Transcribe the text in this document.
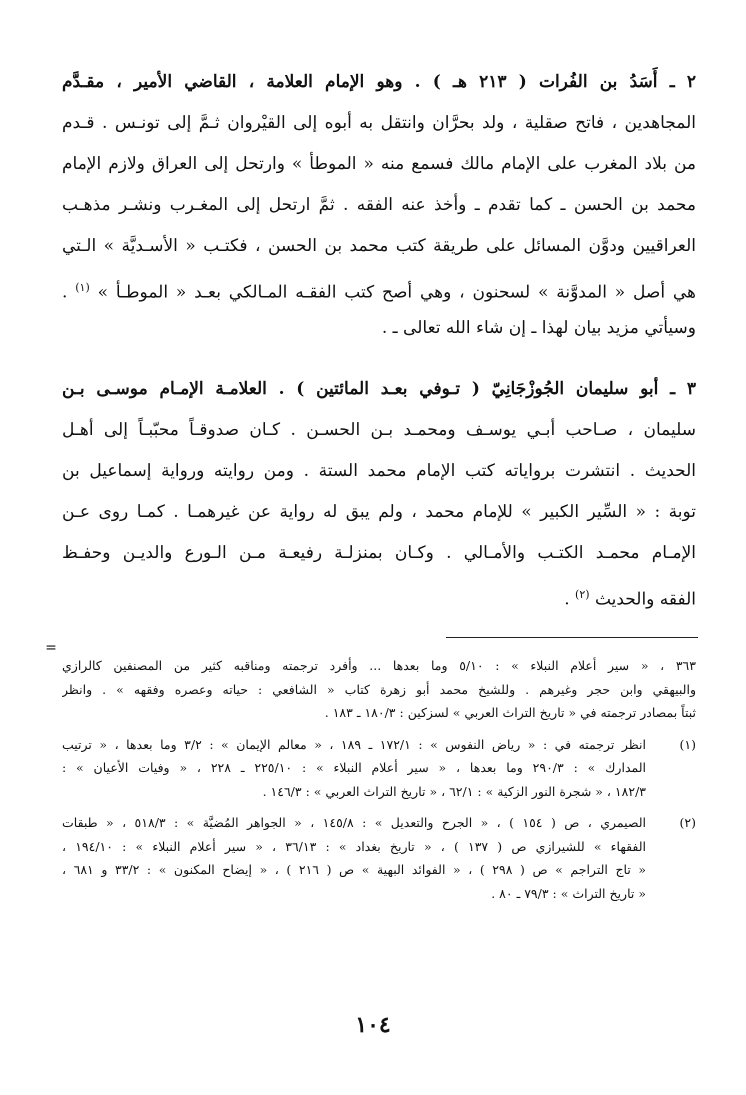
٢ً ـ أَسَدُ بن الفُرات ( ٢١٣ هـ ) . وهو الإمام العلامة ، القاضي الأمير ، مقـدَّم
المجاهدين ، فاتح صقلية ، ولد بحرَّان وانتقل به أبوه إلى القيْروان ثـمَّ إلى تونـس . قـدم
من بلاد المغرب على الإمام مالك فسمع منه « الموطأ » وارتحل إلى العراق ولازم الإمام
محمد بن الحسن ـ كما تقدم ـ وأخذ عنه الفقه . ثمَّ ارتحل إلى المغـرب ونشـر مذهـب
العراقيين ودوَّن المسائل على طريقة كتب محمد بن الحسن ، فكتـب « الأسـديَّة » الـتي
هي أصل « المدوَّنة » لسحنون ، وهي أصح كتب الفقـه المـالكي بعـد « الموطـأ » $^{(١)}$ .
وسيأتي مزيد بيان لهذا ـ إن شاء الله تعالى ـ .
٣ً ـ أبو سليمان الجُوزْجَانِيّ ( تـوفي بعـد المائتين ) . العلامـة الإمـام موسـى بـن
سليمان ، صـاحب أبـي يوسـف ومحمـد بـن الحسـن . كـان صدوقـاً محبّبـاً إلى أهـل
الحديث . انتشرت برواياته كتب الإمام محمد الستة . ومن روايته ورواية إسماعيل بن
توبة : « السِّير الكبير » للإمام محمد ، ولم يبق له رواية عن غيرهمـا . كمـا روى عـن
الإمـام محمـد الكتـب والأمـالي . وكـان بمنزلـة رفيعـة مـن الـورع والديـن وحفـظ
الفقه والحديث $^{(٢)}$ .
=
٣٦٣ ، « سير أعلام النبلاء » : ٥/١٠ وما بعدها ... وأفرد ترجمته ومناقبه كثير من المصنفين كالرازي
والبيهقي وابن حجر وغيرهم . وللشيخ محمد أبو زهرة كتاب « الشافعي : حياته وعصره وفقهه » . وانظر
ثبتاً بمصادر ترجمته في « تاريخ التراث العربي » لسزكين : ١٨٠/٣ ـ ١٨٣ .
(١)
انظر ترجمته في : « رياض النفوس » : ١٧٢/١ ـ ١٨٩ ، « معالم الإيمان » : ٣/٢ وما بعدها ، « ترتيب
المدارك » : ٢٩٠/٣ وما بعدها ، « سير أعلام النبلاء » : ٢٢٥/١٠ ـ ٢٢٨ ، « وفيات الأعيان » :
١٨٢/٣ ، « شجرة النور الزكية » : ٦٢/١ ، « تاريخ التراث العربي » : ١٤٦/٣ .
(٢)
الصيمري ، ص ( ١٥٤ ) ، « الجرح والتعديل » : ١٤٥/٨ ، « الجواهر المُضيَّة » : ٥١٨/٣ ، « طبقات
الفقهاء » للشيرازي ص ( ١٣٧ ) ، « تاريخ بغداد » : ٣٦/١٣ ، « سير أعلام النبلاء » : ١٩٤/١٠ ،
« تاج التراجم » ص ( ٢٩٨ ) ، « الفوائد البهية » ص ( ٢١٦ ) ، « إيضاح المكنون » : ٣٣/٢ و ٦٨١ ،
« تاريخ التراث » : ٧٩/٣ ـ ٨٠ .
١٠٤
